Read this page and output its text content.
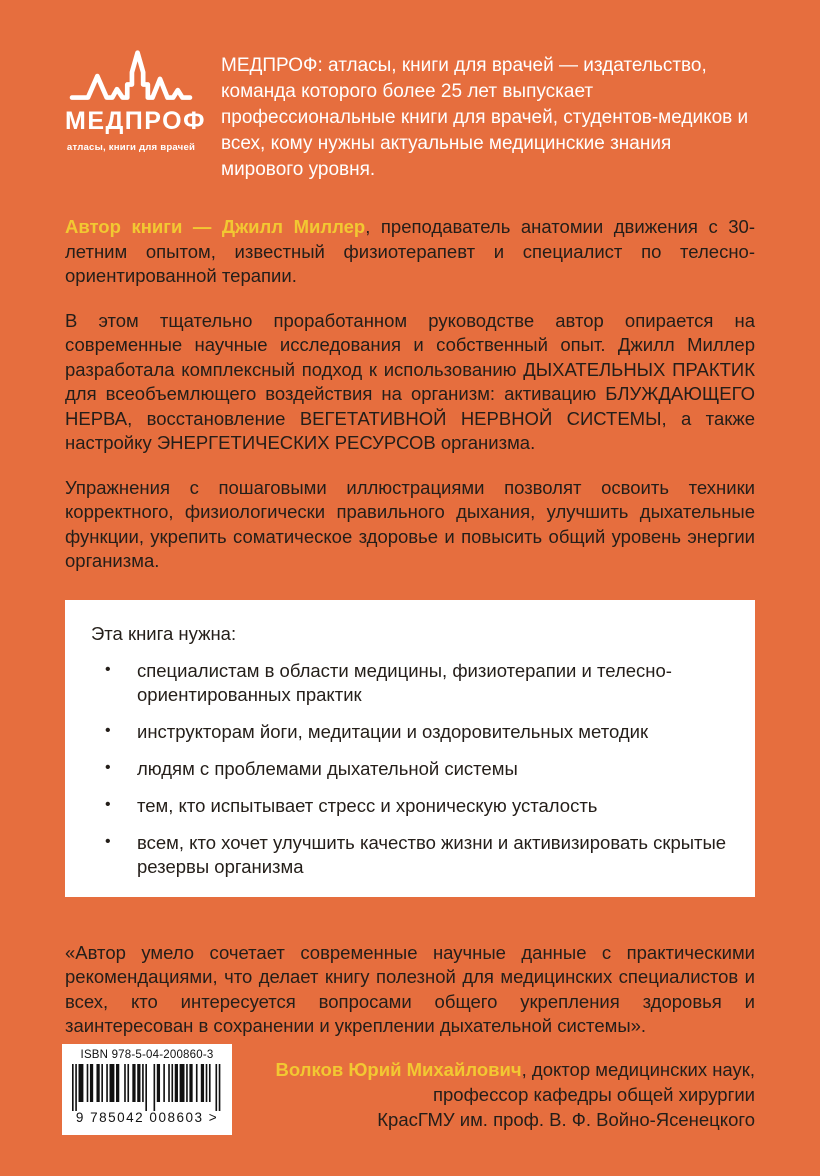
МЕДПРОФ
атласы, книги для врачей
МЕДПРОФ: атласы, книги для врачей — издательство, команда которого более 25 лет выпускает профессиональные книги для врачей, студентов-медиков и всех, кому нужны актуальные медицинские знания мирового уровня.

Автор книги — Джилл Миллер, преподаватель анатомии движения с 30-летним опытом, известный физиотерапевт и специалист по телесно-ориентированной терапии.

В этом тщательно проработанном руководстве автор опирается на современные научные исследования и собственный опыт. Джилл Миллер разработала комплексный подход к использованию ДЫХАТЕЛЬНЫХ ПРАКТИК для всеобъемлющего воздействия на организм: активацию БЛУЖДАЮЩЕГО НЕРВА, восстановление ВЕГЕТАТИВНОЙ НЕРВНОЙ СИСТЕМЫ, а также настройку ЭНЕРГЕТИЧЕСКИХ РЕСУРСОВ организма.

Упражнения с пошаговыми иллюстрациями позволят освоить техники корректного, физиологически правильного дыхания, улучшить дыхательные функции, укрепить соматическое здоровье и повысить общий уровень энергии организма.

Эта книга нужна:
• специалистам в области медицины, физиотерапии и телесно-ориентированных практик
• инструкторам йоги, медитации и оздоровительных методик
• людям с проблемами дыхательной системы
• тем, кто испытывает стресс и хроническую усталость
• всем, кто хочет улучшить качество жизни и активизировать скрытые резервы организма

«Автор умело сочетает современные научные данные с практическими рекомендациями, что делает книгу полезной для медицинских специалистов и всех, кто интересуется вопросами общего укрепления здоровья и заинтересован в сохранении и укреплении дыхательной системы».

Волков Юрий Михайлович, доктор медицинских наук,
профессор кафедры общей хирургии
КрасГМУ им. проф. В. Ф. Войно-Ясенецкого
ISBN 978-5-04-200860-3
9 785042 008603 >
